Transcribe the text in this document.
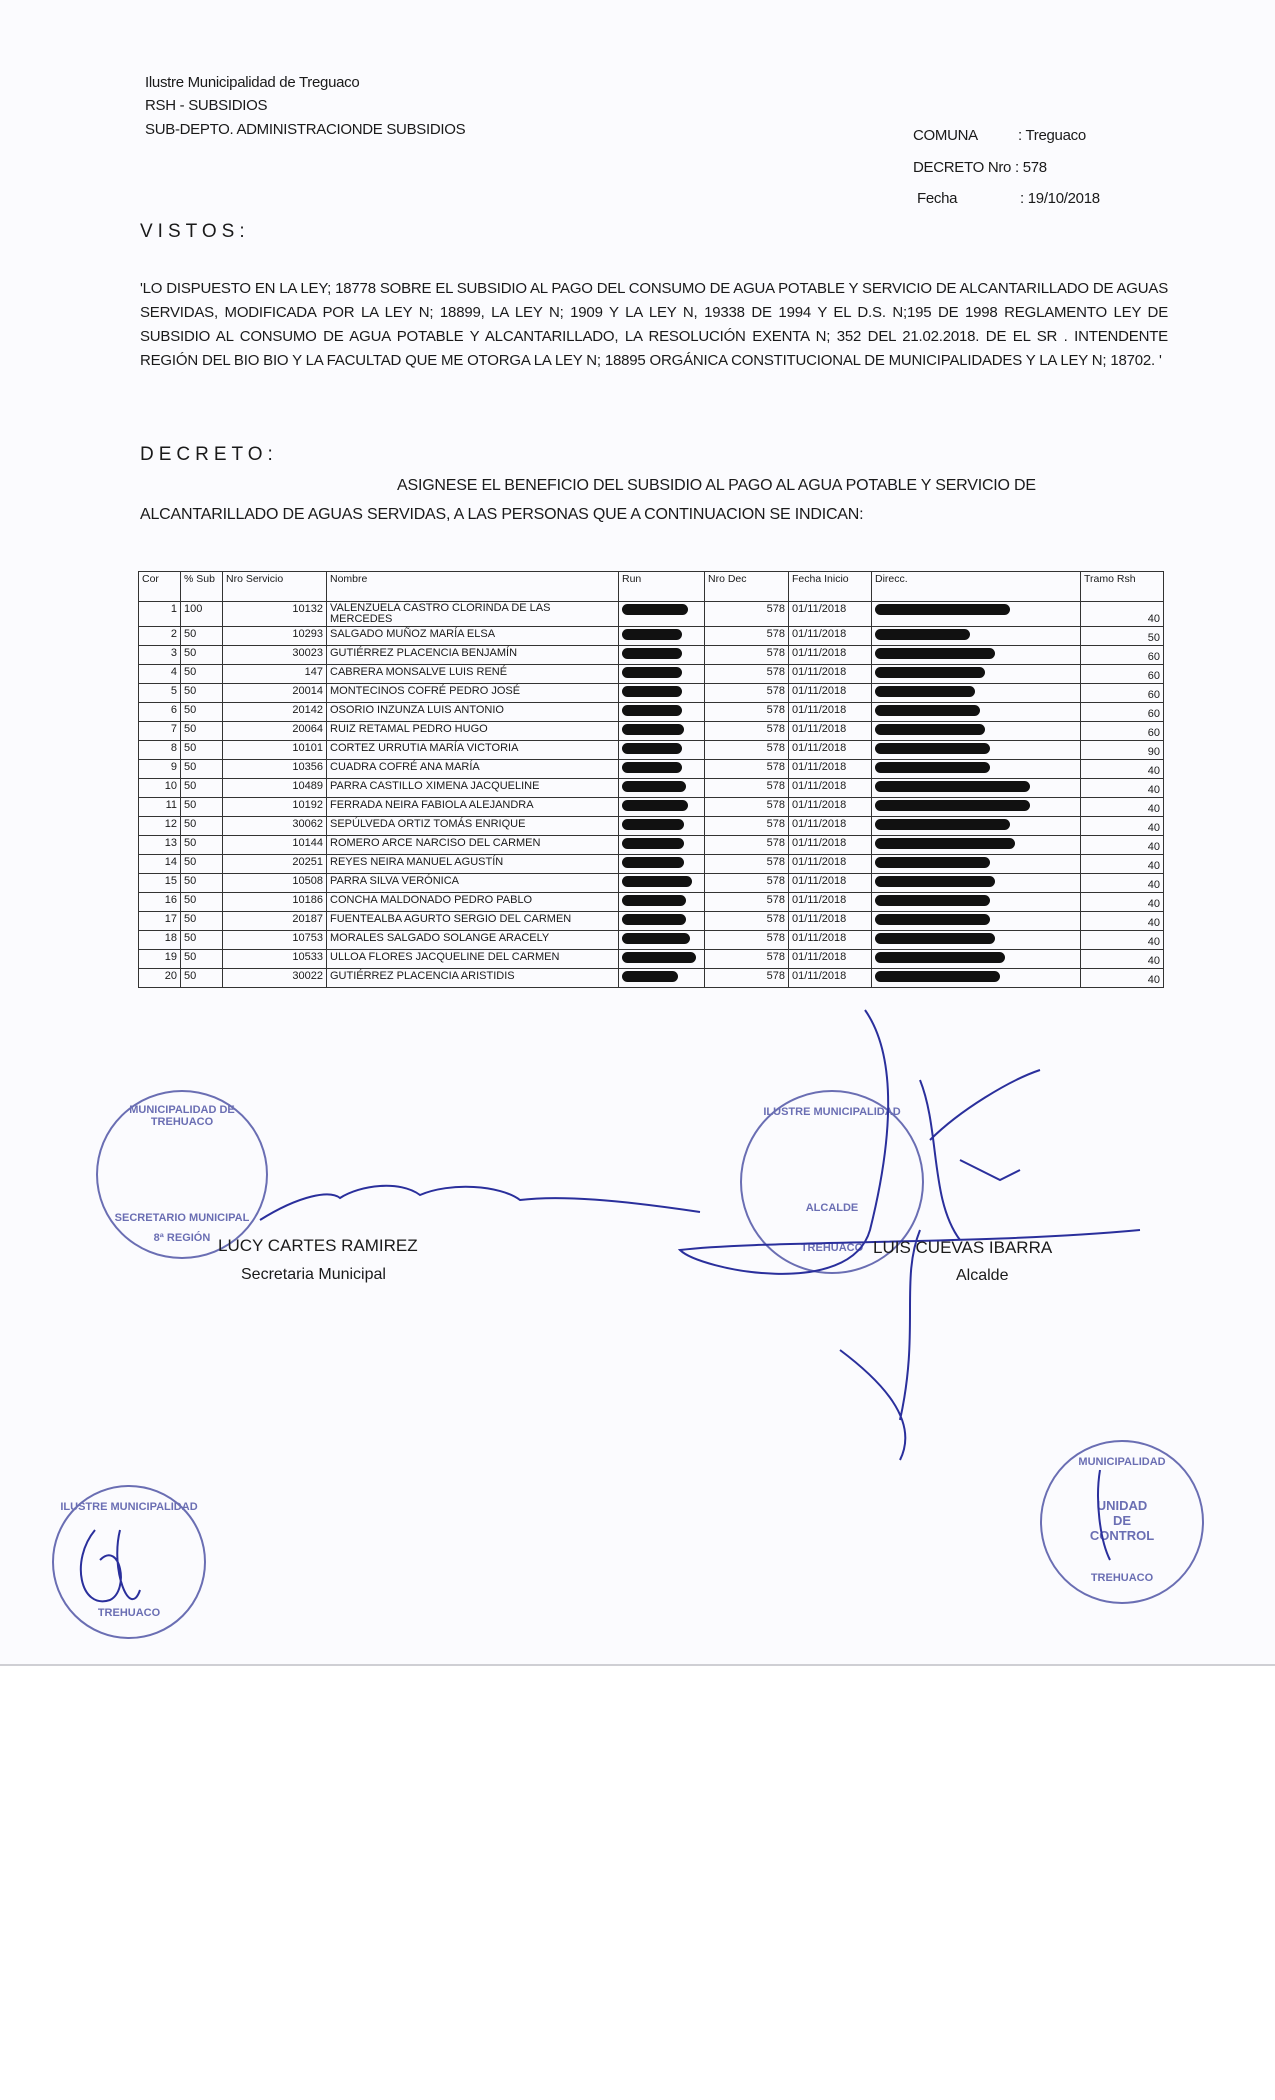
Ilustre Municipalidad de Treguaco
RSH - SUBSIDIOS
SUB-DEPTO. ADMINISTRACIONDE SUBSIDIOS	COMUNA	: Treguaco
DECRETO Nro : 578
Fecha	: 19/10/2018
VISTOS:
'LO DISPUESTO EN LA LEY; 18778 SOBRE EL SUBSIDIO AL PAGO DEL CONSUMO DE AGUA POTABLE Y SERVICIO DE ALCANTARILLADO DE AGUAS SERVIDAS, MODIFICADA POR LA LEY N; 18899, LA LEY N; 1909 Y LA LEY N, 19338 DE 1994 Y EL D.S. N;195 DE 1998 REGLAMENTO LEY DE SUBSIDIO AL CONSUMO DE AGUA POTABLE Y ALCANTARILLADO, LA RESOLUCIÓN EXENTA N; 352 DEL 21.02.2018. DE EL SR . INTENDENTE REGIÓN DEL BIO BIO Y LA FACULTAD QUE ME OTORGA LA LEY N; 18895 ORGÁNICA CONSTITUCIONAL DE MUNICIPALIDADES Y LA LEY N; 18702. '
DECRETO:
ASIGNESE EL BENEFICIO DEL SUBSIDIO AL PAGO AL AGUA POTABLE Y SERVICIO DE
ALCANTARILLADO DE AGUAS SERVIDAS, A LAS PERSONAS QUE A CONTINUACION SE INDICAN:
Cor	% Sub	Nro Servicio	Nombre	Run	Nro Dec	Fecha Inicio	Direcc.	Tramo Rsh
1	100	10132	VALENZUELA CASTRO CLORINDA DE LAS MERCEDES		578	01/11/2018		40
2	50	10293	SALGADO MUÑOZ MARÍA ELSA		578	01/11/2018		50
3	50	30023	GUTIÉRREZ PLACENCIA BENJAMÍN		578	01/11/2018		60
4	50	147	CABRERA MONSALVE LUIS RENÉ		578	01/11/2018		60
5	50	20014	MONTECINOS COFRÉ PEDRO JOSÉ		578	01/11/2018		60
6	50	20142	OSORIO INZUNZA LUIS ANTONIO		578	01/11/2018		60
7	50	20064	RUIZ RETAMAL PEDRO HUGO		578	01/11/2018		60
8	50	10101	CORTEZ URRUTIA MARÍA VICTORIA		578	01/11/2018		90
9	50	10356	CUADRA COFRÉ ANA MARÍA		578	01/11/2018		40
10	50	10489	PARRA CASTILLO XIMENA JACQUELINE		578	01/11/2018		40
11	50	10192	FERRADA NEIRA FABIOLA ALEJANDRA		578	01/11/2018		40
12	50	30062	SEPÚLVEDA ORTIZ TOMÁS ENRIQUE		578	01/11/2018		40
13	50	10144	ROMERO ARCE NARCISO DEL CARMEN		578	01/11/2018		40
14	50	20251	REYES NEIRA MANUEL AGUSTÍN		578	01/11/2018		40
15	50	10508	PARRA SILVA VERÓNICA		578	01/11/2018		40
16	50	10186	CONCHA MALDONADO PEDRO PABLO		578	01/11/2018		40
17	50	20187	FUENTEALBA AGURTO SERGIO DEL CARMEN		578	01/11/2018		40
18	50	10753	MORALES SALGADO SOLANGE ARACELY		578	01/11/2018		40
19	50	10533	ULLOA FLORES JACQUELINE DEL CARMEN		578	01/11/2018		40
20	50	30022	GUTIÉRREZ PLACENCIA ARISTIDIS		578	01/11/2018		40
MUNICIPALIDAD DE TREHUACO
SECRETARIO MUNICIPAL
8ª REGIÓN
ILUSTRE MUNICIPALIDAD
ALCALDE
TREHUACO
MUNICIPALIDAD
UNIDAD
DE
CONTROL
TREHUACO
ILUSTRE MUNICIPALIDAD
TREHUACO
LUCY CARTES RAMIREZ
Secretaria Municipal
LUIS CUEVAS IBARRA
Alcalde
